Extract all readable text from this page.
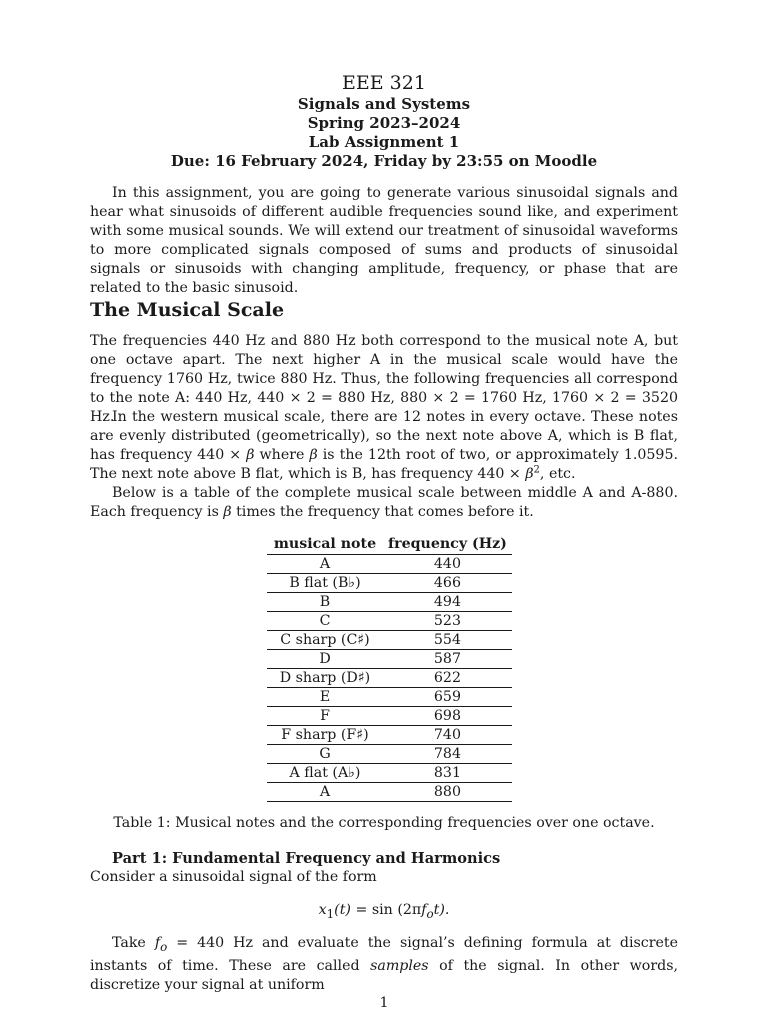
EEE 321
Signals and Systems
Spring 2023–2024
Lab Assignment 1
Due: 16 February 2024, Friday by 23:55 on Moodle

In this assignment, you are going to generate various sinusoidal signals and hear what sinusoids of different audible frequencies sound like, and experiment with some musical sounds. We will extend our treatment of sinusoidal waveforms to more complicated signals composed of sums and products of sinusoidal signals or sinusoids with changing amplitude, frequency, or phase that are related to the basic sinusoid.

The Musical Scale

The frequencies 440 Hz and 880 Hz both correspond to the musical note A, but one octave apart. The next higher A in the musical scale would have the frequency 1760 Hz, twice 880 Hz. Thus, the following frequencies all correspond to the note A: 440 Hz, 440 × 2 = 880 Hz, 880 × 2 = 1760 Hz, 1760 × 2 = 3520 Hz.

In the western musical scale, there are 12 notes in every octave. These notes are evenly distributed (geometrically), so the next note above A, which is B flat, has frequency 440 × β where β is the 12th root of two, or approximately 1.0595. The next note above B flat, which is B, has frequency $440 \times \beta^2$, etc.

Below is a table of the complete musical scale between middle A and A-880. Each frequency is β times the frequency that comes before it.

musical note	frequency (Hz)
A	440
B flat (B♭)	466
B	494
C	523
C sharp (C♯)	554
D	587
D sharp (D♯)	622
E	659
F	698
F sharp (F♯)	740
G	784
A flat (A♭)	831
A	880

Table 1: Musical notes and the corresponding frequencies over one octave.

Part 1: Fundamental Frequency and Harmonics

Consider a sinusoidal signal of the form

$x_1(t) = \sin (2\pi f_ot)$.

Take $f_o = 440$ Hz and evaluate the signal’s defining formula at discrete instants of time. These are called samples of the signal. In other words, discretize your signal at uniform

1
